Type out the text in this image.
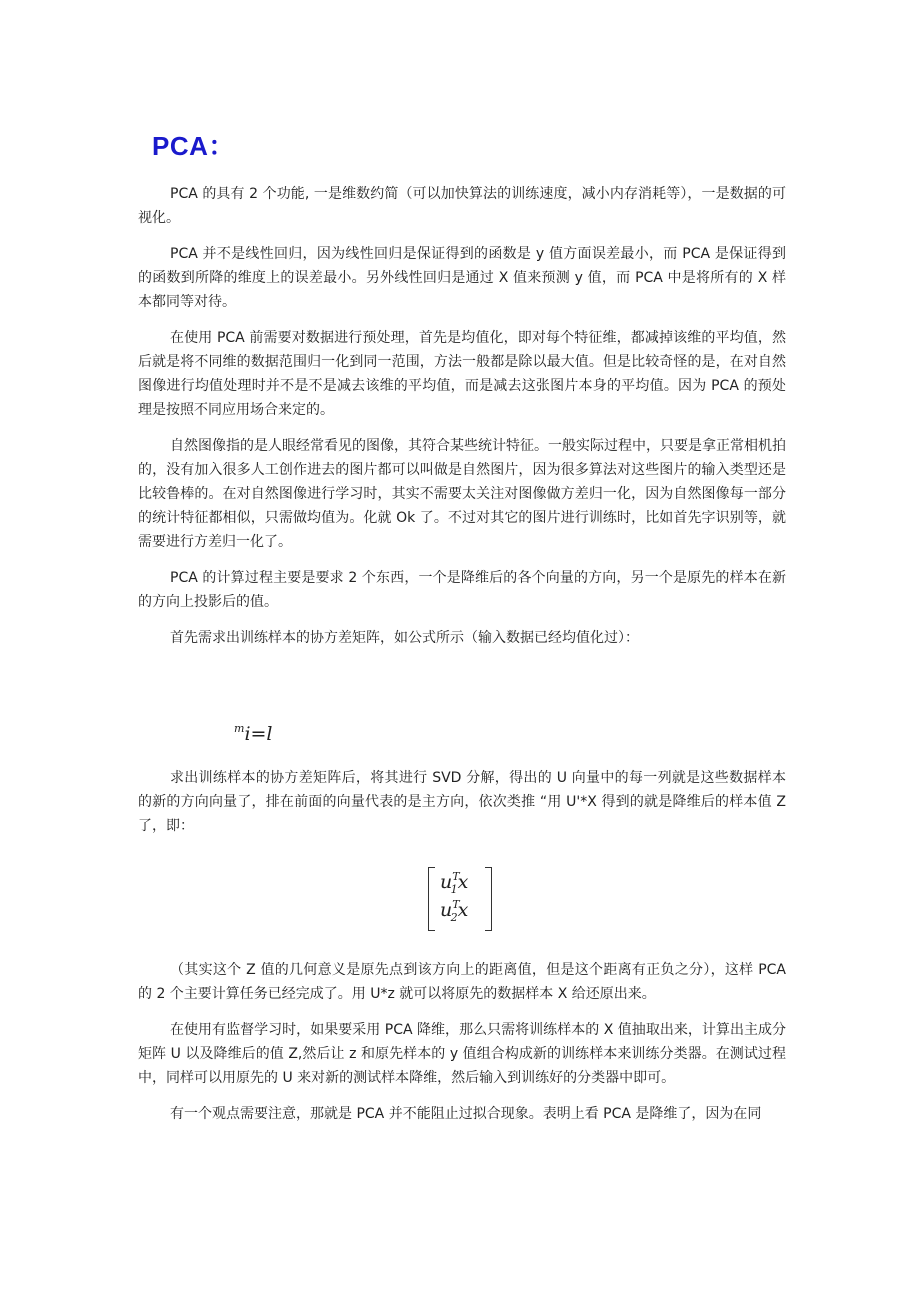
PCA：

PCA 的具有 2 个功能, 一是维数约简（可以加快算法的训练速度，减小内存消耗等），一是数据的可视化。

PCA 并不是线性回归，因为线性回归是保证得到的函数是 y 值方面误差最小，而 PCA 是保证得到的函数到所降的维度上的误差最小。另外线性回归是通过 X 值来预测 y 值，而 PCA 中是将所有的 X 样本都同等对待。

在使用 PCA 前需要对数据进行预处理，首先是均值化，即对每个特征维，都减掉该维的平均值，然后就是将不同维的数据范围归一化到同一范围，方法一般都是除以最大值。但是比较奇怪的是，在对自然图像进行均值处理时并不是不是减去该维的平均值，而是减去这张图片本身的平均值。因为 PCA 的预处理是按照不同应用场合来定的。

自然图像指的是人眼经常看见的图像，其符合某些统计特征。一般实际过程中，只要是拿正常相机拍的，没有加入很多人工创作进去的图片都可以叫做是自然图片，因为很多算法对这些图片的输入类型还是比较鲁棒的。在对自然图像进行学习时，其实不需要太关注对图像做方差归一化，因为自然图像每一部分的统计特征都相似，只需做均值为。化就 Ok 了。不过对其它的图片进行训练时，比如首先字识别等，就需要进行方差归一化了。

PCA 的计算过程主要是要求 2 个东西，一个是降维后的各个向量的方向，另一个是原先的样本在新的方向上投影后的值。

首先需求出训练样本的协方差矩阵，如公式所示（输入数据已经均值化过）：

$^m$i=l

求出训练样本的协方差矩阵后，将其进行 SVD 分解，得出的 U 向量中的每一列就是这些数据样本的新的方向向量了，排在前面的向量代表的是主方向，依次类推 “用 U'*X 得到的就是降维后的样本值 Z 了，即：

$u^T_1x$
$u^T_2x$

（其实这个 Z 值的几何意义是原先点到该方向上的距离值，但是这个距离有正负之分），这样 PCA 的 2 个主要计算任务已经完成了。用 U*z 就可以将原先的数据样本 X 给还原出来。

在使用有监督学习时，如果要采用 PCA 降维，那么只需将训练样本的 X 值抽取出来，计算出主成分矩阵 U 以及降维后的值 Z,然后让 z 和原先样本的 y 值组合构成新的训练样本来训练分类器。在测试过程中，同样可以用原先的 U 来对新的测试样本降维，然后输入到训练好的分类器中即可。

有一个观点需要注意，那就是 PCA 并不能阻止过拟合现象。表明上看 PCA 是降维了，因为在同
